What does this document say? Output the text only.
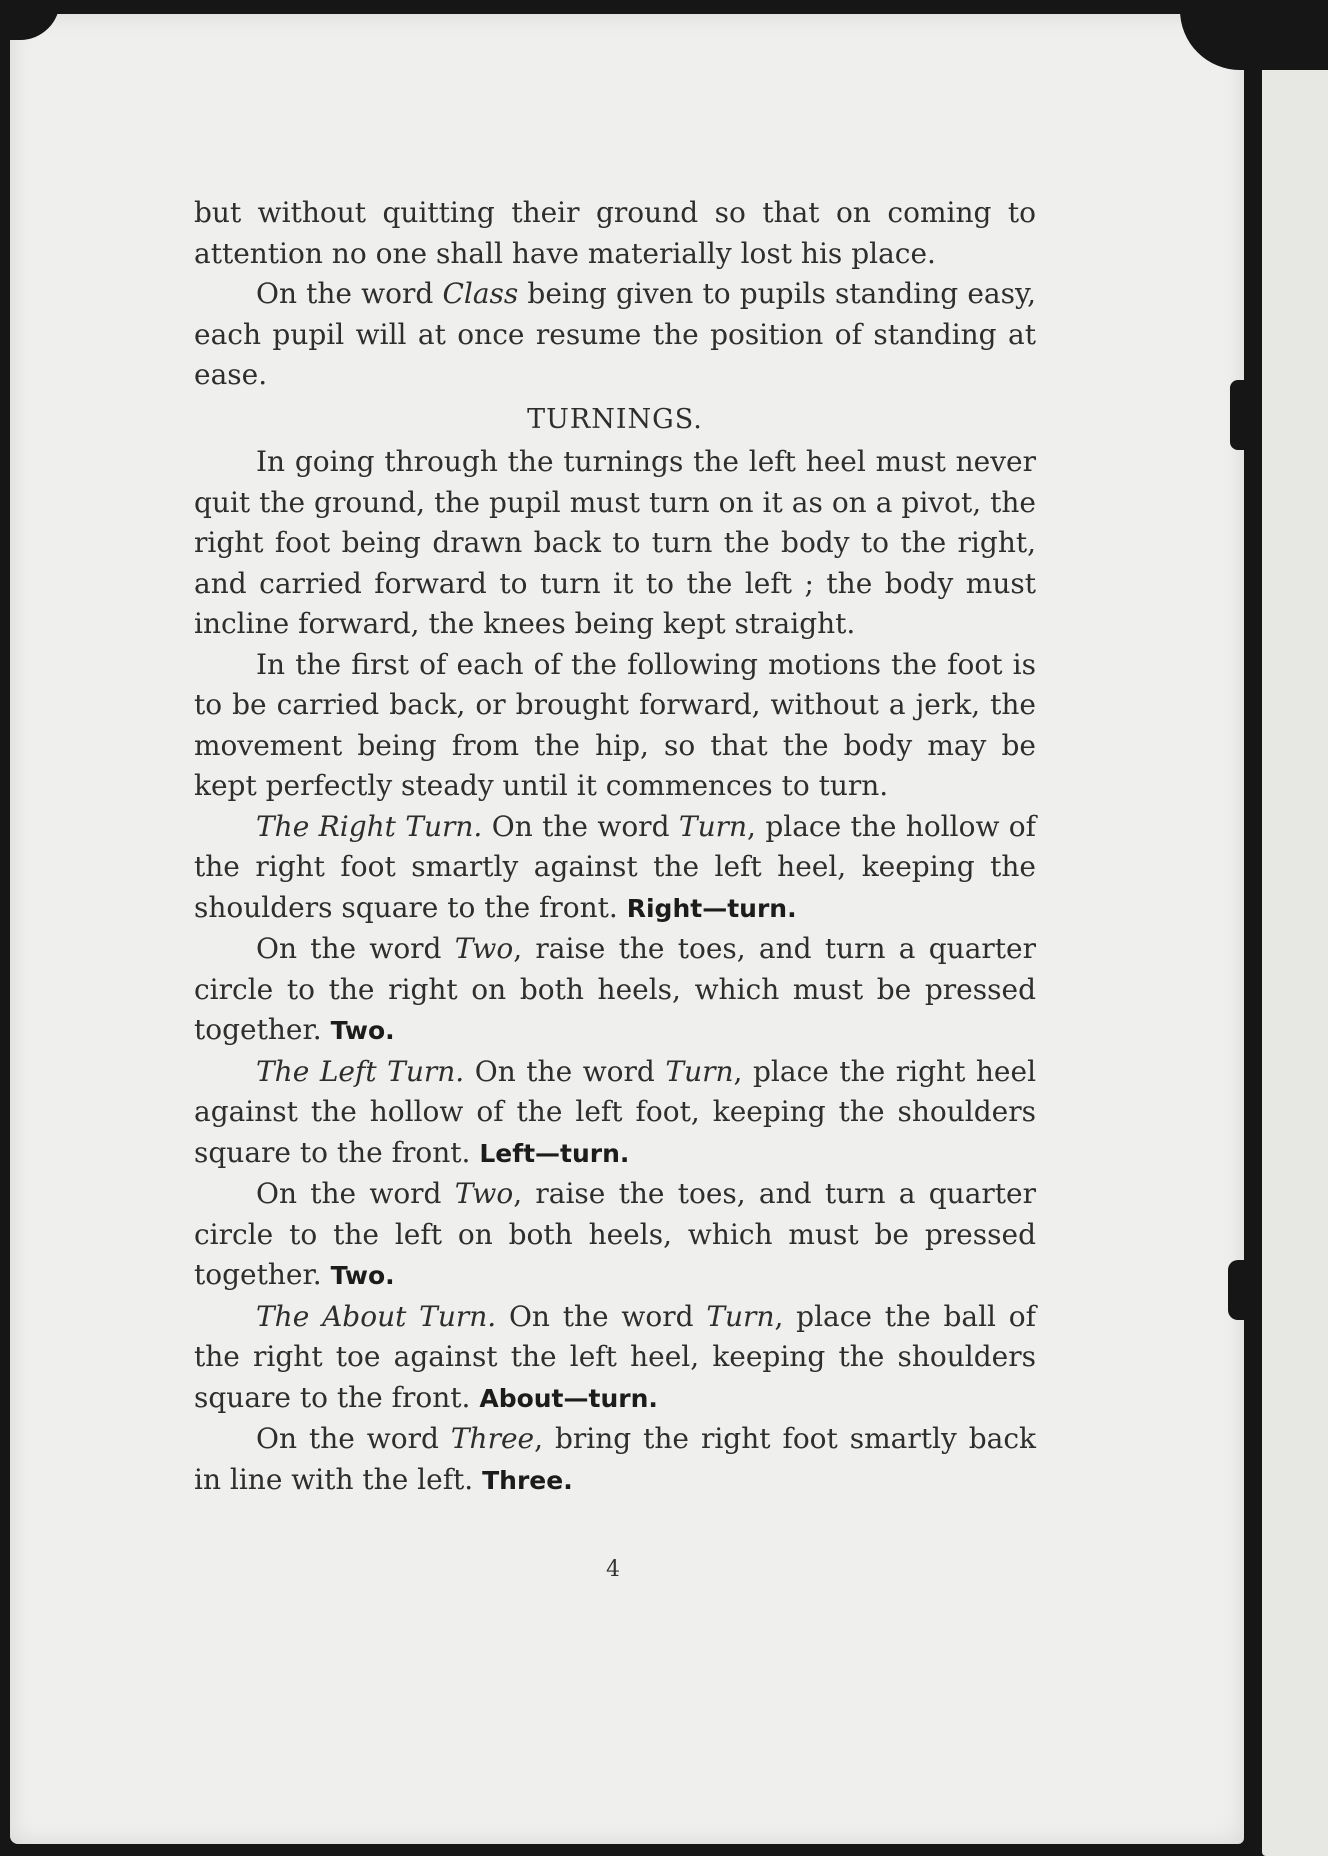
but without quitting their ground so that on coming to attention no one shall have materially lost his place.

On the word Class being given to pupils standing easy, each pupil will at once resume the position of standing at ease.

TURNINGS.

In going through the turnings the left heel must never quit the ground, the pupil must turn on it as on a pivot, the right foot being drawn back to turn the body to the right, and carried forward to turn it to the left ; the body must incline forward, the knees being kept straight.

In the first of each of the following motions the foot is to be carried back, or brought forward, without a jerk, the movement being from the hip, so that the body may be kept perfectly steady until it commences to turn.

The Right Turn. On the word Turn, place the hollow of the right foot smartly against the left heel, keeping the shoulders square to the front. Right—turn.

On the word Two, raise the toes, and turn a quarter circle to the right on both heels, which must be pressed together. Two.

The Left Turn. On the word Turn, place the right heel against the hollow of the left foot, keeping the shoulders square to the front. Left—turn.

On the word Two, raise the toes, and turn a quarter circle to the left on both heels, which must be pressed together. Two.

The About Turn. On the word Turn, place the ball of the right toe against the left heel, keeping the shoulders square to the front. About—turn.

On the word Three, bring the right foot smartly back in line with the left. Three.

4
